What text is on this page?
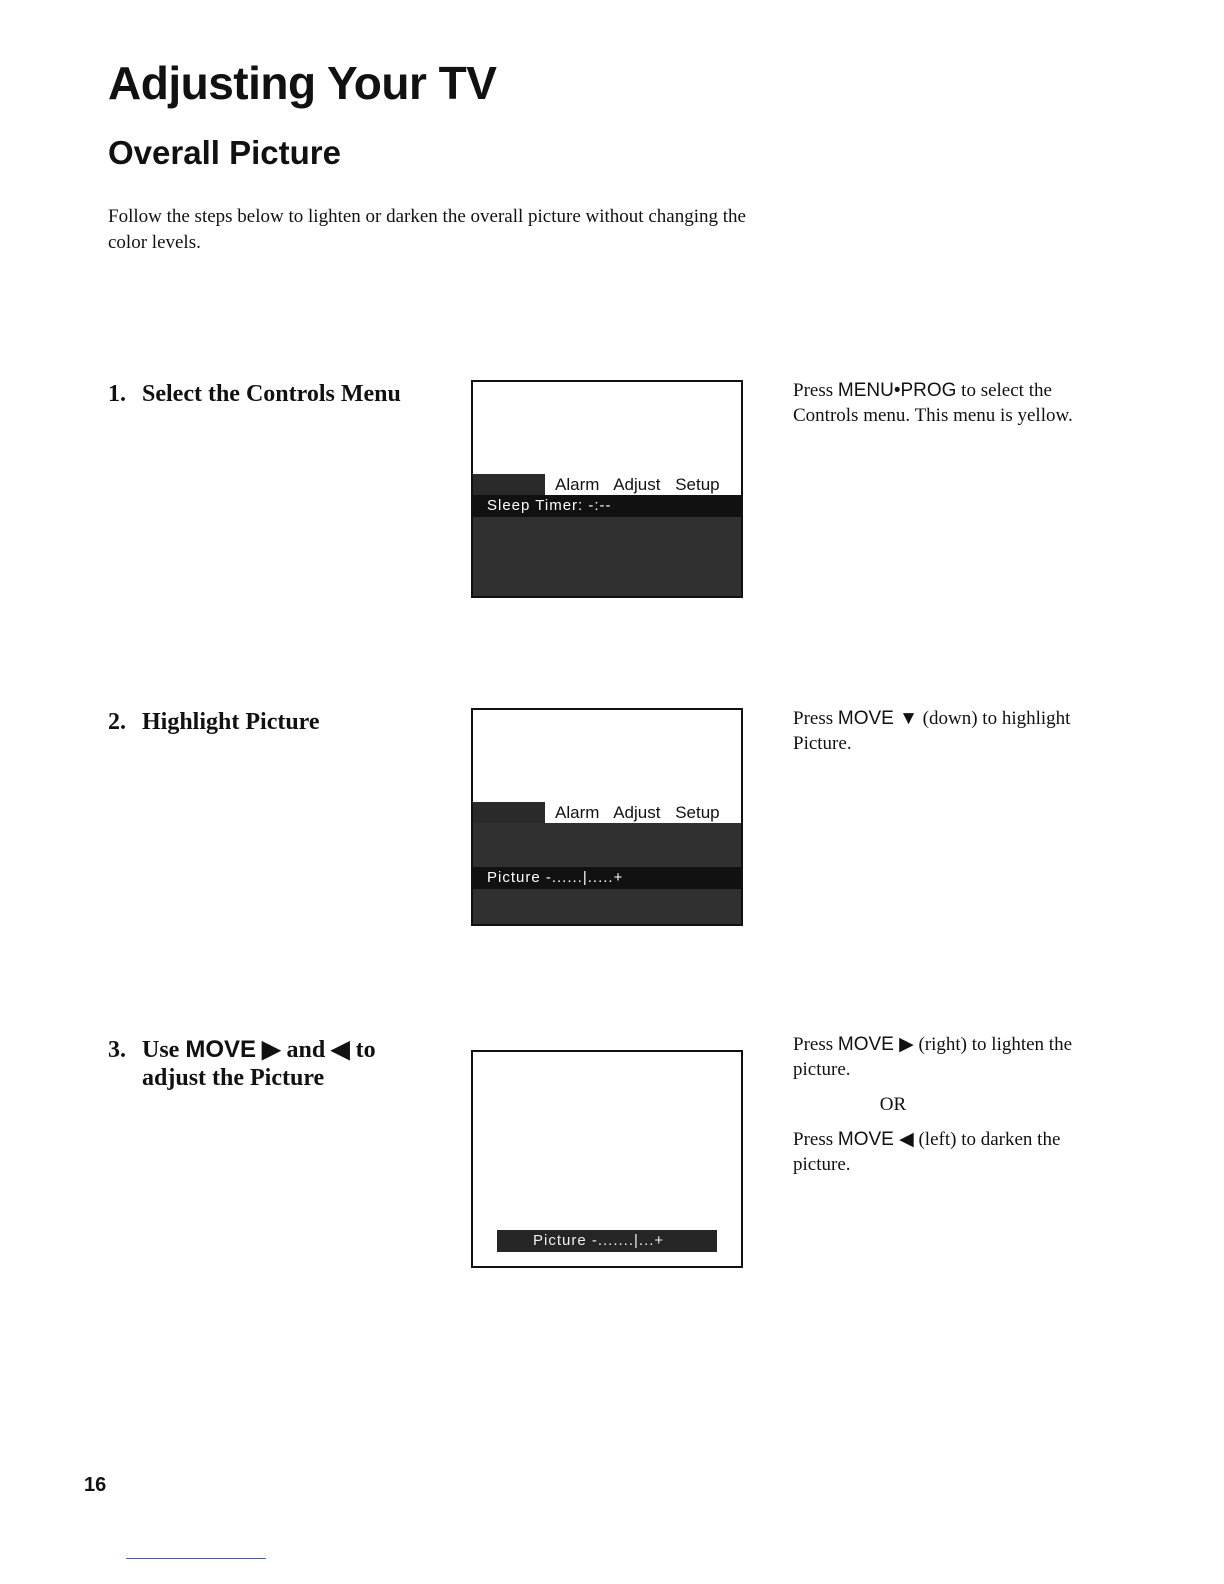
Adjusting Your TV
Overall Picture
Follow the steps below to lighten or darken the overall picture without changing the color levels.
1. Select the Controls Menu
Alarm Adjust Setup
Sleep Timer: -:--

Press MENU•PROG to select the Controls menu. This menu is yellow.

2. Highlight Picture
Alarm Adjust Setup
Picture -......|.....+

Press MOVE ▼ (down) to highlight Picture.

3. Use MOVE ▶ and ◀ to
adjust the Picture
Picture -.......|...+

Press MOVE ▶ (right) to lighten the picture.

OR

Press MOVE ◀ (left) to darken the picture.

16
